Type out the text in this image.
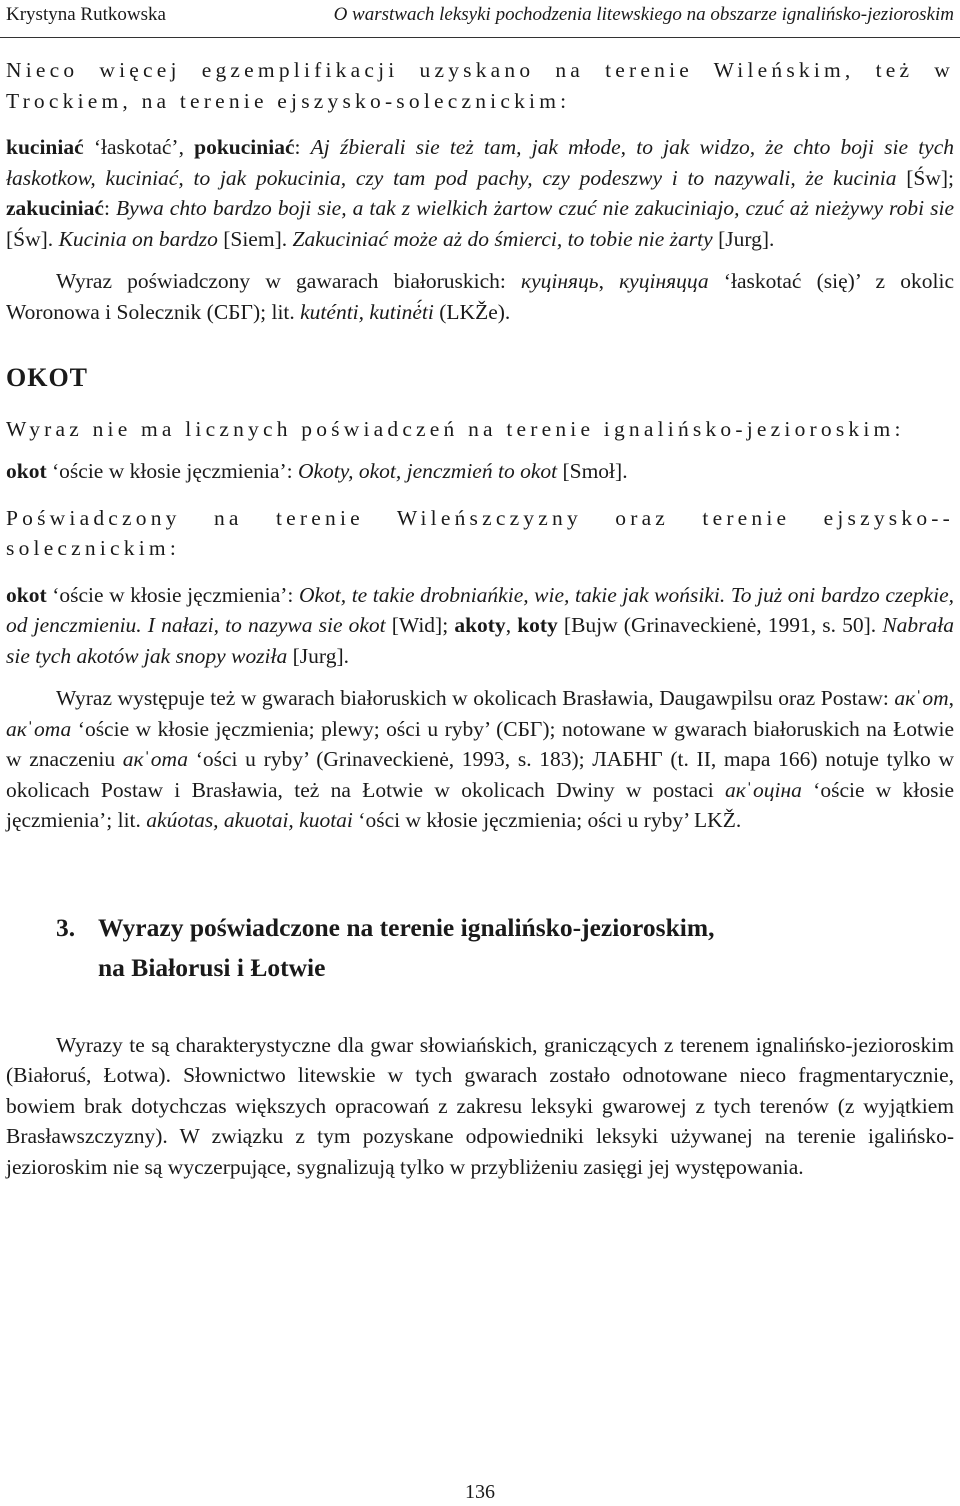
Krystyna Rutkowska	O warstwach leksyki pochodzenia litewskiego na obszarze ignalińsko-jezioroskim

Nieco więcej egzemplifikacji uzyskano na terenie Wileńskim, też w Trockiem, na terenie ejszysko-solecznickim:

kuciniać ‘łaskotać’, pokuciniać: Aj źbierali sie też tam, jak młode, to jak widzo, że chto boji sie tych łaskotkow, kuciniać, to jak pokucinia, czy tam pod pachy, czy podeszwy i to nazywali, że kucinia [Św]; zakuciniać: Bywa chto bardzo boji sie, a tak z wielkich żartow czuć nie zakuciniajo, czuć aż nieżywy robi sie [Św]. Kucinia on bardzo [Siem]. Zakuciniać może aż do śmierci, to tobie nie żarty [Jurg].

Wyraz poświadczony w gawarach białoruskich: куцiняць, куцiняцца ‘łaskotać (się)’ z okolic Woronowa i Solecznik (СБГ); lit. kuténti, kutinė́ti (LKŽe).

OKOT

Wyraz nie ma licznych poświadczeń na terenie ignalińsko-jezioroskim:

okot ‘oście w kłosie jęczmienia’: Okoty, okot, jenczmień to okot [Smoł].

Poświadczony na terenie Wileńszczyzny oraz terenie ejszysko--solecznickim:

okot ‘oście w kłosie jęczmienia’: Okot, te takie drobniańkie, wie, takie jak wońsiki. To już oni bardzo czepkie, od jenczmieniu. I nałazi, to nazywa sie okot [Wid]; akoty, koty [Bujw (Grinaveckienė, 1991, s. 50]. Nabrała sie tych akotów jak snopy woziła [Jurg].

Wyraz występuje też w gwarach białoruskich w okolicach Brasławia, Daugawpilsu oraz Postaw: акˈот, акˈота ‘oście w kłosie jęczmienia; plewy; ości u ryby’ (СБГ); notowane w gwarach białoruskich na Łotwie w znaczeniu акˈота ‘ości u ryby’ (Grinaveckienė, 1993, s. 183); ЛАБНГ (t. II, mapa 166) notuje tylko w okolicach Postaw i Brasławia, też na Łotwie w okolicach Dwiny w postaci акˈоцiна ‘oście w kłosie jęczmienia’; lit. akúotas, akuotai, kuotai ‘ości w kłosie jęczmienia; ości u ryby’ LKŽ.

3. Wyrazy poświadczone na terenie ignalińsko-jezioroskim,
na Białorusi i Łotwie

Wyrazy te są charakterystyczne dla gwar słowiańskich, graniczących z terenem ignalińsko-jezioroskim (Białoruś, Łotwa). Słownictwo litewskie w tych gwarach zostało odnotowane nieco fragmentarycznie, bowiem brak dotychczas większych opracowań z zakresu leksyki gwarowej z tych terenów (z wyjątkiem Brasławszczyzny). W związku z tym pozyskane odpowiedniki leksyki używanej na terenie igalińsko-jezioroskim nie są wyczerpujące, sygnalizują tylko w przybliżeniu zasięgi jej występowania.

136
